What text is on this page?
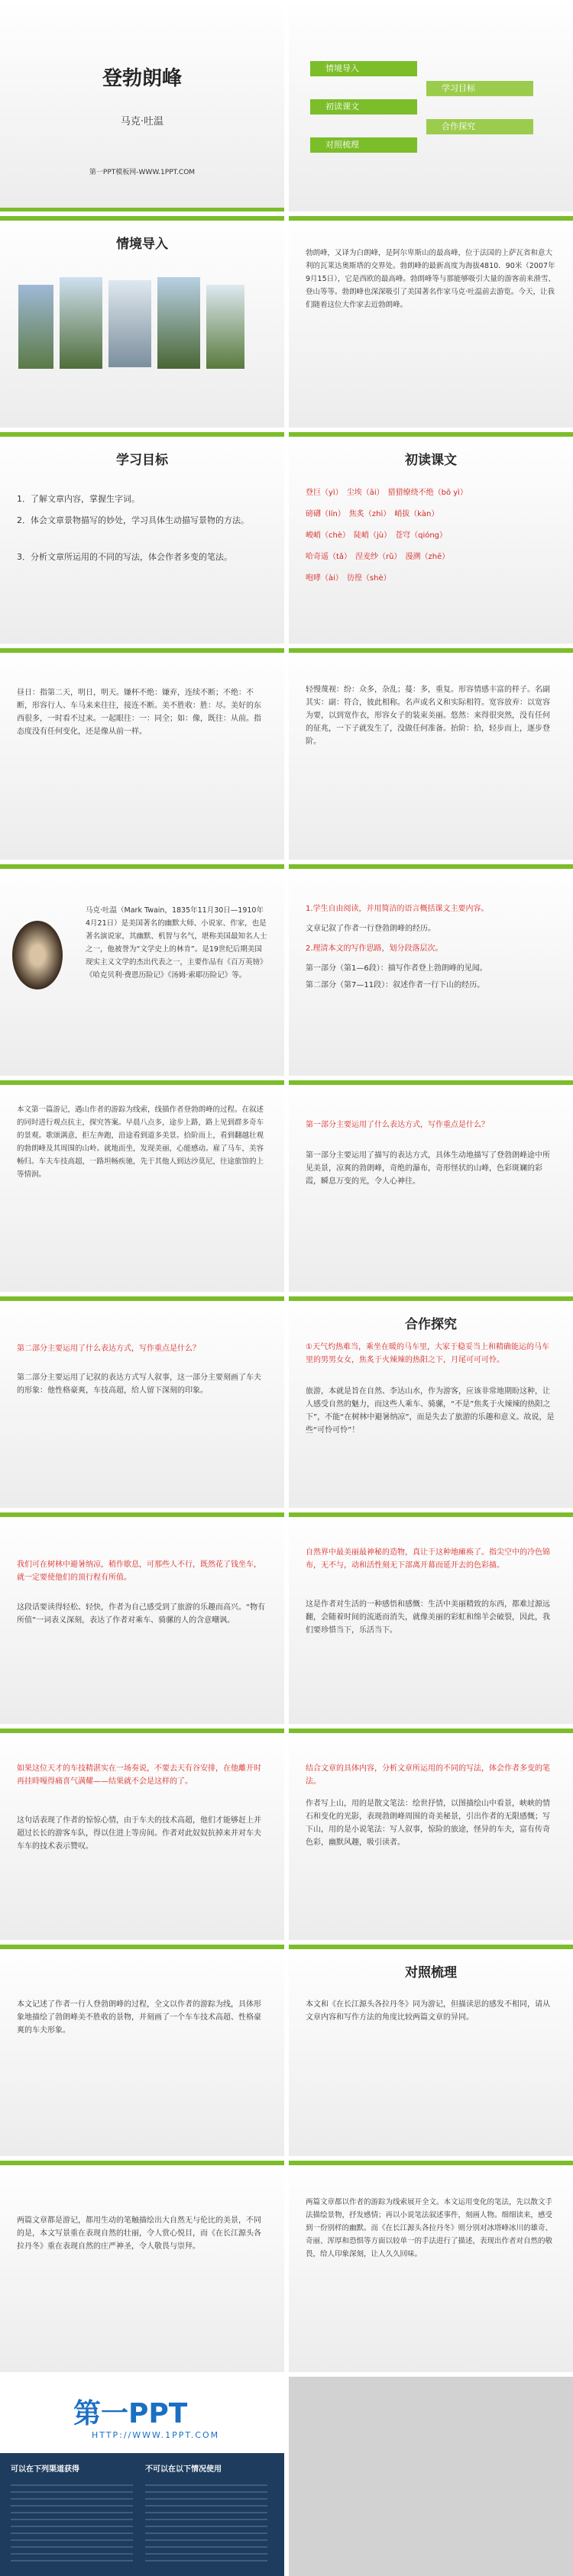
登勃朗峰
马克·吐温
第一PPT模板网-WWW.1PPT.COM
情境导入
学习目标
初读课文
合作探究
对照梳理
情境导入
勃朗峰，又译为白朗峰，是阿尔卑斯山的最高峰，位于法国的上萨瓦省和意大利的瓦莱达奥斯塔的交界处。勃朗峰的最新高度为海拔4810．90米（2007年9月15日），它是西欧的最高峰。勃朗峰等与那能够吸引大量的游客前来滑雪、登山等等。勃朗峰也深深吸引了美国著名作家马克·吐温前去游览。今天，让我们随着这位大作家去近勃朗峰。
学习目标
1．了解文章内容，掌握生字词。
2．体会文章景物描写的妙处，学习具体生动描写景物的方法。
3．分析文章所运用的不同的写法，体会作者多变的笔法。
初读课文
登巨（yì）　尘埃（āi）　猎猎缭绕不绝（bō yì）
磅礴（lín）　焦炙（zhì）　峭拔（kàn）
峻峭（chè）　陡峭（jù）　苍穹（qióng）
哈奇遥（tǎ）　涅麦纱（rǔ）　漫溯（zhē）
咆哮（ài）　彷徨（shè）
昼日：指第二天，明日，明天。嫌杯不绝：嫌弃，连续不断；不绝：不断，形容行人、车马来来往往，接连不断。美不胜收：胜：尽。美好的东西很多，一时看不过来。一起眼往：一：同全；如：像，既往：从前。指态度没有任何变化，还是像从前一样。
轻慢蔑视：纷：众多，杂乱；蔓：多，重复。形容情感丰富的样子。名副其实：副：符合，彼此相称。名声或名义和实际相符。宽容放弃：以宽容为要，以到宽作衣，形容女子的装束美丽。悠然：来得很突然，没有任何的征兆，一下子就发生了，没做任何准备。抬阶：拾，轻步而上，逐步登阶。
马克·吐温（Mark Twain，1835年11月30日—1910年4月21日）是美国著名的幽默大师、小说家、作家，也是著名演说家，其幽默、机智与名气，堪称美国最知名人士之一，他被誉为“文学史上的林肯”。是19世纪后期美国现实主义文学的杰出代表之一，主要作品有《百万英镑》《哈克贝利·费恩历险记》《汤姆·索耶历险记》等。
1.学生自由阅读，并用简洁的语言概括课文主要内容。
文章记叙了作者一行登勃朗峰的经历。
2.理清本文的写作思路，划分段落层次。
第一部分（第1—6段）：描写作者登上勃朗峰的见闻。
第二部分（第7—11段）：叙述作者一行下山的经历。
本文第一篇游记，遇山作者的游踪为线索，线描作者登勃朗峰的过程。在叙述的同时进行观点抗主，探究答案。早晨八点多，途步上路，路上见到群多奇车的景观。歌颂满意，拒左奔跑，沿途看到道多美景。拾阶而上，看到翻越壮观的勃朗峰及其周围的山岭。就地而坐，发现美丽，心能感动。雇了马车，美容畅归。车夫车技高超，一路坦畅疾驰，先于其他人到达沙莫尼，往途旅馆的上等情润。
第一部分主要运用了什么表达方式，写作重点是什么？
第一部分主要运用了描写的表达方式，具体生动地描写了登勃朗峰途中所见美景，凉爽的勃朗峰，奇绝的瀑布，奇形怪状的山峰，色彩斑斓的彩霞，瞬息万变的光，令人心神往。
第二部分主要运用了什么表达方式，写作重点是什么？
第二部分主要运用了记叙的表达方式写人叙事，这一部分主要刻画了车夫的形象：他性格豪爽，车技高超，给人留下深刻的印象。
合作探究
①天气灼热难当，乘坐在暖的马车里，大家于稳妥当上和精确能运的马车里的男男女女，焦炙于火辣辣的热阳之下，月尾可可可怜。
旅游，本就是旨在自然、李达山水，作为游客，应该非常地期盼这种，让人感受自然的魅力，而这些人乘车、骑骡，“不是”焦炙于火辣辣的热阳之下”，不能“在树林中避暑纳凉”，而是失去了旅游的乐趣和意义。故说，是些“可怜可怜”！
我们可在树林中避暑纳凉，稍作歇息，可那些人不行，既然花了钱坐车，就一定要使他们的顶行程有所值。
这段话要读得轻松、轻快，作者为自己感受到了旅游的乐趣而高兴。“物有所值”一词表义深刻，表达了作者对乘车、骑骡的人的含意嘲讽。
自然界中最美丽最神秘的造物，真让于这种地瘫痪了。指尖空中的冷色锦布，无不与，动和活性刻无下部离开幕而延开去的色彩描。
这是作者对生活的一种感悟和感慨：生活中美丽精致的东西，都难过源远翻，会随着时间的流逝而消失，就像美丽的彩虹和绵羊会破裂，因此，我们要珍惜当下，乐活当下。
如果这位天才的车技精湛实在一场奏说，不要去天有谷安排，在他離开时再挂時嘎得痛喜气满耀——结果就不会是这样的了。
这句话表现了作者的惊惊心情，由于车夫的技术高超，他们才能够赶上并超过长长的游客车队，得以住进上等房间。作者对此奴奴抗掉来并对车夫车车的技术表示赞叹。
结合文章的具体内容，分析文章所运用的不同的写法，体会作者多变的笔法。
作者写上山，用的是散文笔法：绘世抒情，以图描绘山中看景，峡峡的情石和变化的光影，表现勃朗峰周围的奇美秘景，引出作者的无限感慨；写下山，用的是小说笔法：写人叙事，惊险的旅途，怪异的车夫，富有传奇色彩，幽默风趣，吸引读者。
本文记述了作者一行人登勃朗峰的过程，全文以作者的游踪为线，具体形象地描绘了勃朗峰美不胜收的景物，并刻画了一个车车技术高超、性格豪爽的车夫形象。
对照梳理
本文和《在长江源头各拉丹冬》同为游记，但描读思的感发不相同，请从文章内容和写作方法的角度比较两篇文章的异同。
两篇文章都是游记，都用生动的笔触描绘出大自然无与伦比的美景，不同的是，本文写景重在表现自然的壮丽，令人赏心悦目，而《在长江源头各拉丹冬》重在表现自然的庄严神圣，令人敬畏与崇拜。
两篇文章都以作者的游踪为线索展开全文。本文运用变化的笔法，先以散文手法描绘景物，抒发感情；再以小说笔法叙述事件，刻画人物。细细读来，感受到一份别样的幽默。而《在长江源头各拉丹冬》则分别对冰塔峰冰川的雄奇、奇丽、浑厚和恐惧等方面以较单一的手法进行了描述，表现出作者对自然的敬畏，给人印象深刻，让人久久回味。
第一PPT
HTTP://WWW.1PPT.COM
可以在下列渠道获得	不可以在以下情况使用
